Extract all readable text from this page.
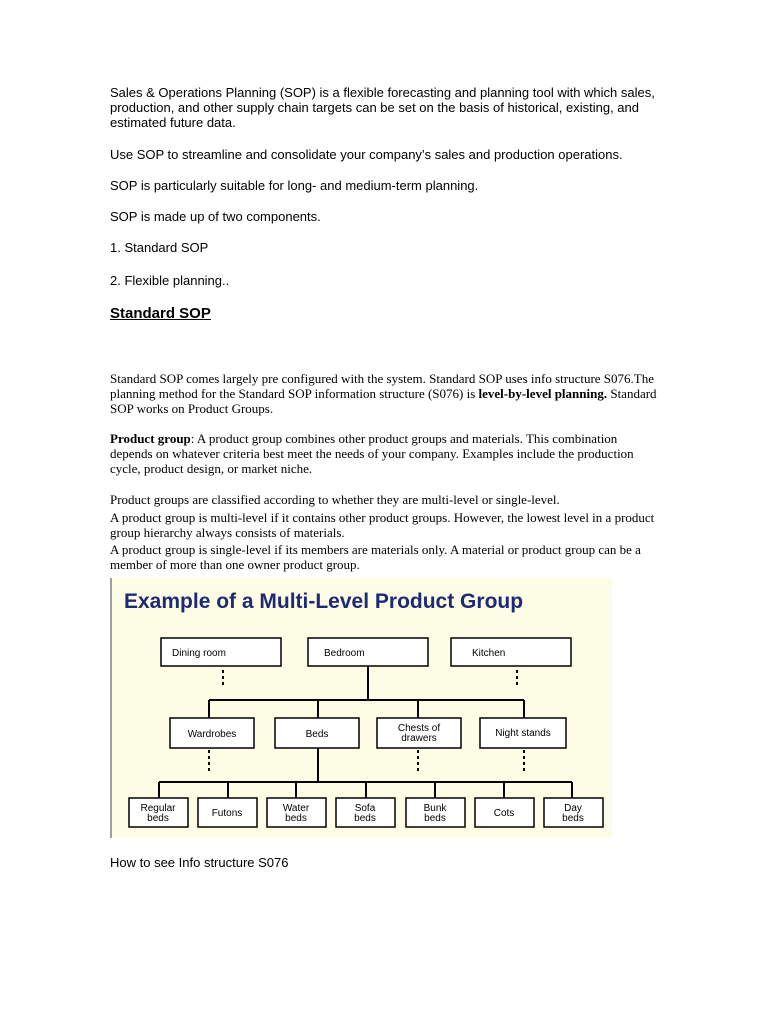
Sales & Operations Planning (SOP) is a flexible forecasting and planning tool with which sales, production, and other supply chain targets can be set on the basis of historical, existing, and estimated future data.

Use SOP to streamline and consolidate your company’s sales and production operations.

SOP is particularly suitable for long- and medium-term planning.

SOP is made up of two components.

1. Standard SOP

2. Flexible planning..

Standard SOP

Standard SOP comes largely pre configured with the system. Standard SOP uses info structure S076.The planning method for the Standard SOP information structure (S076) is level-by-level planning. Standard SOP works on Product Groups.

Product group: A product group combines other product groups and materials. This combination depends on whatever criteria best meet the needs of your company. Examples include the production cycle, product design, or market niche.

Product groups are classified according to whether they are multi-level or single-level.

A product group is multi-level if it contains other product groups. However, the lowest level in a product group hierarchy always consists of materials.

A product group is single-level if its members are materials only. A material or product group can be a member of more than one owner product group.

Example of a Multi-Level Product Group
Dining room	Bedroom	Kitchen
Wardrobes	Beds
Chests of
drawers	Night stands
Regular
beds	Futons	Water
beds
Sofa
beds
Bunk
beds	Cots	Day
beds

How to see Info structure S076
